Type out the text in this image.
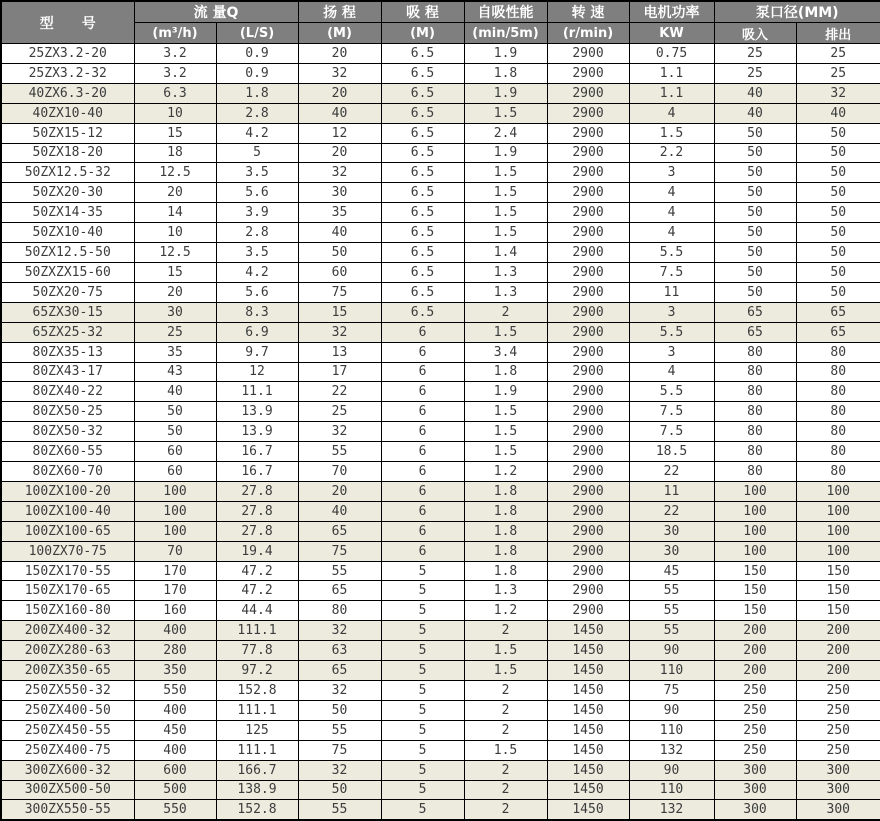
型　　号	流 量Q		扬 程	吸 程	自吸性能	转 速	电机功率	泵口径(MM)	
	(m³/h)	(L/S)	(M)	(M)	(min/5m)	(r/min)	KW	吸入	排出
25ZX3.2-20	3.2	0.9	20	6.5	1.9	2900	0.75	25	25
25ZX3.2-32	3.2	0.9	32	6.5	1.8	2900	1.1	25	25
40ZX6.3-20	6.3	1.8	20	6.5	1.9	2900	1.1	40	32
40ZX10-40	10	2.8	40	6.5	1.5	2900	4	40	40
50ZX15-12	15	4.2	12	6.5	2.4	2900	1.5	50	50
50ZX18-20	18	5	20	6.5	1.9	2900	2.2	50	50
50ZX12.5-32	12.5	3.5	32	6.5	1.5	2900	3	50	50
50ZX20-30	20	5.6	30	6.5	1.5	2900	4	50	50
50ZX14-35	14	3.9	35	6.5	1.5	2900	4	50	50
50ZX10-40	10	2.8	40	6.5	1.5	2900	4	50	50
50ZX12.5-50	12.5	3.5	50	6.5	1.4	2900	5.5	50	50
50ZXZX15-60	15	4.2	60	6.5	1.3	2900	7.5	50	50
50ZX20-75	20	5.6	75	6.5	1.3	2900	11	50	50
65ZX30-15	30	8.3	15	6.5	2	2900	3	65	65
65ZX25-32	25	6.9	32	6	1.5	2900	5.5	65	65
80ZX35-13	35	9.7	13	6	3.4	2900	3	80	80
80ZX43-17	43	12	17	6	1.8	2900	4	80	80
80ZX40-22	40	11.1	22	6	1.9	2900	5.5	80	80
80ZX50-25	50	13.9	25	6	1.5	2900	7.5	80	80
80ZX50-32	50	13.9	32	6	1.5	2900	7.5	80	80
80ZX60-55	60	16.7	55	6	1.5	2900	18.5	80	80
80ZX60-70	60	16.7	70	6	1.2	2900	22	80	80
100ZX100-20	100	27.8	20	6	1.8	2900	11	100	100
100ZX100-40	100	27.8	40	6	1.8	2900	22	100	100
100ZX100-65	100	27.8	65	6	1.8	2900	30	100	100
100ZX70-75	70	19.4	75	6	1.8	2900	30	100	100
150ZX170-55	170	47.2	55	5	1.8	2900	45	150	150
150ZX170-65	170	47.2	65	5	1.3	2900	55	150	150
150ZX160-80	160	44.4	80	5	1.2	2900	55	150	150
200ZX400-32	400	111.1	32	5	2	1450	55	200	200
200ZX280-63	280	77.8	63	5	1.5	1450	90	200	200
200ZX350-65	350	97.2	65	5	1.5	1450	110	200	200
250ZX550-32	550	152.8	32	5	2	1450	75	250	250
250ZX400-50	400	111.1	50	5	2	1450	90	250	250
250ZX450-55	450	125	55	5	2	1450	110	250	250
250ZX400-75	400	111.1	75	5	1.5	1450	132	250	250
300ZX600-32	600	166.7	32	5	2	1450	90	300	300
300ZX500-50	500	138.9	50	5	2	1450	110	300	300
300ZX550-55	550	152.8	55	5	2	1450	132	300	300
